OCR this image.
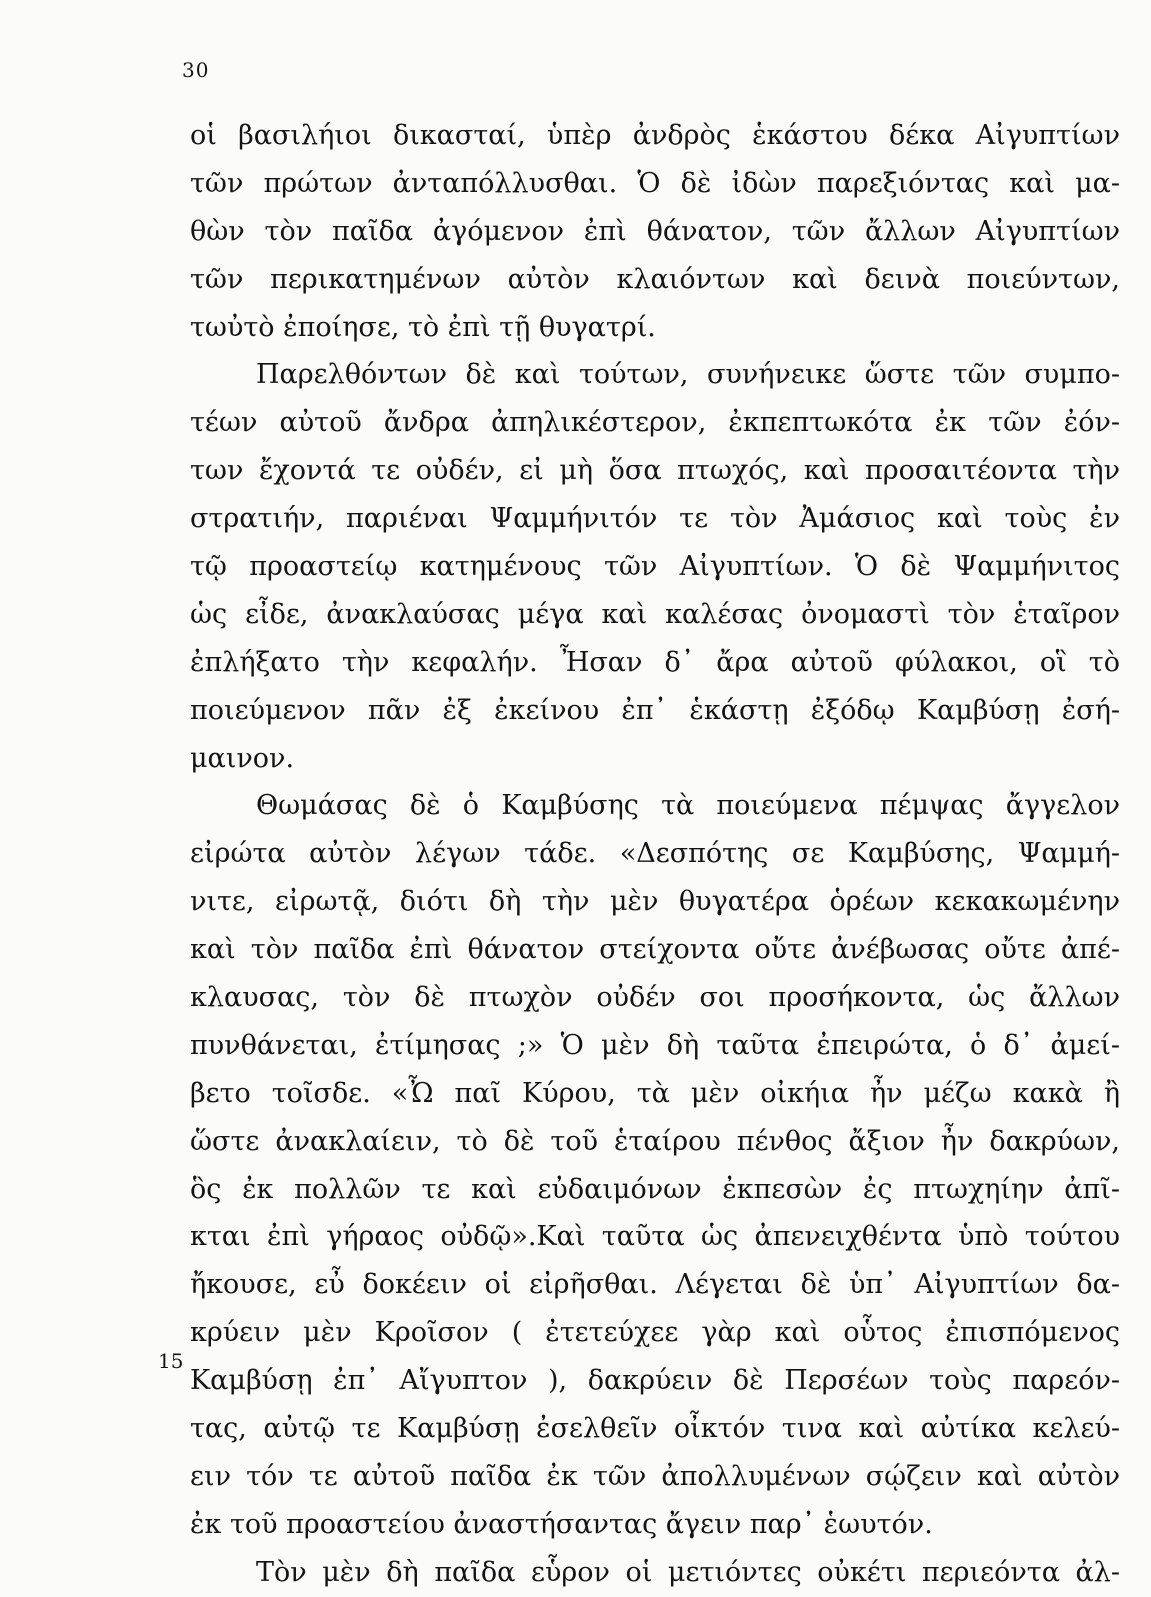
30
οἱ βασιλήιοι δικασταί, ὑπὲρ ἀνδρὸς ἑκάστου δέκα Αἰγυπτίων
τῶν πρώτων ἀνταπόλλυσθαι. Ὁ δὲ ἰδὼν παρεξιόντας καὶ μα-
θὼν τὸν παῖδα ἀγόμενον ἐπὶ θάνατον, τῶν ἄλλων Αἰγυπτίων
τῶν περικατημένων αὐτὸν κλαιόντων καὶ δεινὰ ποιεύντων,
τωὐτὸ ἐποίησε, τὸ ἐπὶ τῇ θυγατρί.
Παρελθόντων δὲ καὶ τούτων, συνήνεικε ὥστε τῶν συμπο-
τέων αὐτοῦ ἄνδρα ἀπηλικέστερον, ἐκπεπτωκότα ἐκ τῶν ἐόν-
των ἔχοντά τε οὐδέν, εἰ μὴ ὅσα πτωχός, καὶ προσαιτέοντα τὴν
στρατιήν, παριέναι Ψαμμήνιτόν τε τὸν Ἀμάσιος καὶ τοὺς ἐν
τῷ προαστείῳ κατημένους τῶν Αἰγυπτίων. Ὁ δὲ Ψαμμήνιτος
ὡς εἶδε, ἀνακλαύσας μέγα καὶ καλέσας ὀνομαστὶ τὸν ἑταῖρον
ἐπλήξατο τὴν κεφαλήν. Ἦσαν δ᾽ ἄρα αὐτοῦ φύλακοι, οἳ τὸ
ποιεύμενον πᾶν ἐξ ἐκείνου ἐπ᾽ ἑκάστῃ ἐξόδῳ Καμβύσῃ ἐσή-
μαινον.
Θωμάσας δὲ ὁ Καμβύσης τὰ ποιεύμενα πέμψας ἄγγελον
εἰρώτα αὐτὸν λέγων τάδε. «Δεσπότης σε Καμβύσης, Ψαμμή-
νιτε, εἰρωτᾷ, διότι δὴ τὴν μὲν θυγατέρα ὁρέων κεκακωμένην
καὶ τὸν παῖδα ἐπὶ θάνατον στείχοντα οὔτε ἀνέβωσας οὔτε ἀπέ-
κλαυσας, τὸν δὲ πτωχὸν οὐδέν σοι προσήκοντα, ὡς ἄλλων
πυνθάνεται, ἐτίμησας ;» Ὁ μὲν δὴ ταῦτα ἐπειρώτα, ὁ δ᾽ ἀμεί-
βετο τοῖσδε. «Ὦ παῖ Κύρου, τὰ μὲν οἰκήια ἦν μέζω κακὰ ἢ
ὥστε ἀνακλαίειν, τὸ δὲ τοῦ ἑταίρου πένθος ἄξιον ἦν δακρύων,
ὃς ἐκ πολλῶν τε καὶ εὐδαιμόνων ἐκπεσὼν ἐς πτωχηίην ἀπῖ-
κται ἐπὶ γήραος οὐδῷ».Καὶ ταῦτα ὡς ἀπενειχθέντα ὑπὸ τούτου
ἤκουσε, εὖ δοκέειν οἱ εἰρῆσθαι. Λέγεται δὲ ὑπ᾽ Αἰγυπτίων δα-
κρύειν μὲν Κροῖσον ( ἐτετεύχεε γὰρ καὶ οὗτος ἐπισπόμενος
Καμβύσῃ ἐπ᾽ Αἴγυπτον ), δακρύειν δὲ Περσέων τοὺς παρεόν-
τας, αὐτῷ τε Καμβύσῃ ἐσελθεῖν οἶκτόν τινα καὶ αὐτίκα κελεύ-
ειν τόν τε αὐτοῦ παῖδα ἐκ τῶν ἀπολλυμένων σῴζειν καὶ αὐτὸν
ἐκ τοῦ προαστείου ἀναστήσαντας ἄγειν παρ᾽ ἑωυτόν.
Τὸν μὲν δὴ παῖδα εὗρον οἱ μετιόντες οὐκέτι περιεόντα ἀλ-
15
